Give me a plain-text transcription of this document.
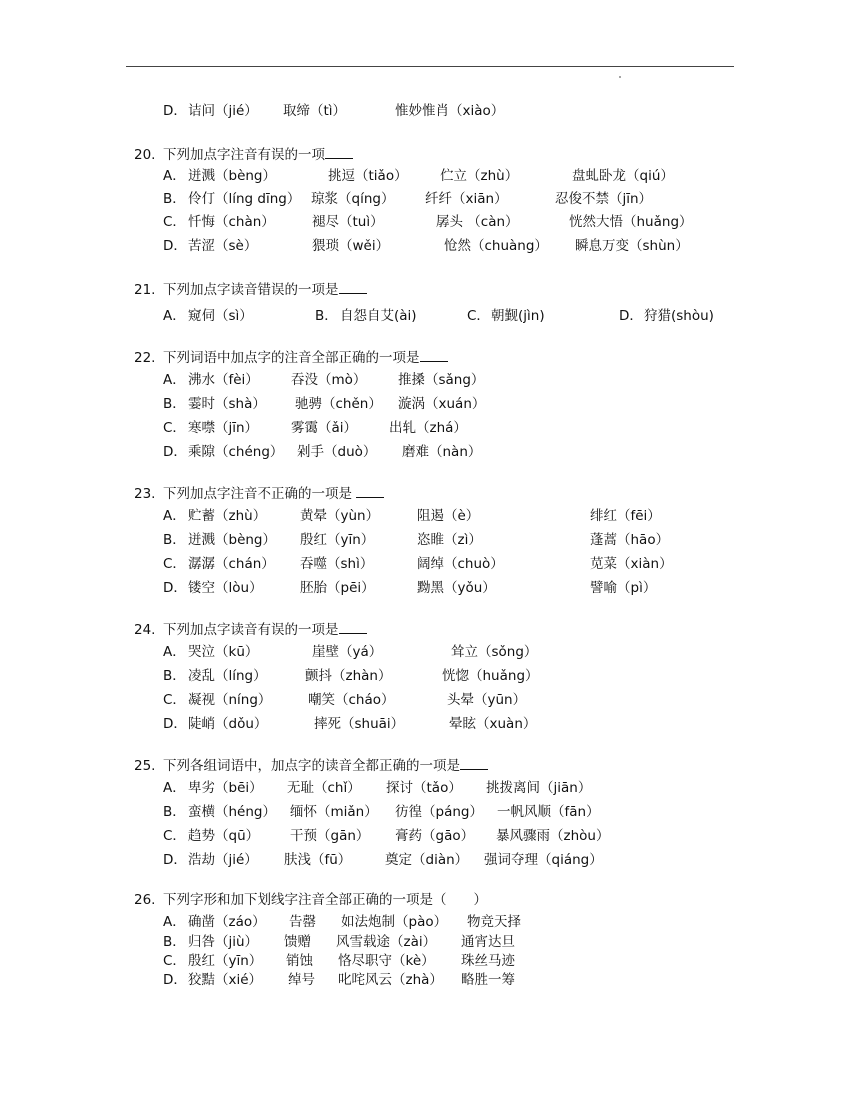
D． 诘问（jié） 取缔（tì）	惟妙惟肖（xiào）
20. 下列加点字注音有误的一项
A． 迸溅（bèng）	挑逗（tiǎo） 伫立（zhù）	盘虬卧龙（qiú）
B． 伶仃（líng dīng） 琼浆（qíng） 纤纤（xiān）	忍俊不禁（jīn）
C． 忏悔（chàn）	褪尽（tuì）	孱头 （càn）	恍然大悟（huǎng）
D． 苦涩（sè）	猥琐（wěi）	怆然（chuàng） 瞬息万变（shùn）
21. 下列加点字读音错误的一项是
A． 窥伺（sì）	B． 自怨自艾(ài)	C． 朝觐(jìn)	D． 狩猎(shòu)
22. 下列词语中加点字的注音全部正确的一项是
A． 沸水（fèi） 吞没（mò） 推搡（sǎng）
B． 霎时（shà） 驰骋（chěn） 漩涡（xuán）
C． 寒噤（jīn） 雾霭（ǎi） 出轧（zhá）
D． 乘隙（chéng） 剁手（duò） 磨难（nàn）
23. 下列加点字注音不正确的一项是
A． 贮蓄（zhù）	黄晕（yùn）	阻遏（è）	绯红（fēi）
B． 迸溅（bèng） 殷红（yīn）	恣睢（zì）	蓬蒿（hāo）
C． 潺潺（chán） 吞噬（shì）	阔绰（chuò）	苋菜（xiàn）
D． 镂空（lòu）	胚胎（pēi）	黝黑（yǒu）	譬喻（pì）
24. 下列加点字读音有误的一项是
A． 哭泣（kū）	崖壁（yá）	耸立（sǒng）
B． 凌乱（líng）	颤抖（zhàn）	恍惚（huǎng）
C． 凝视（níng）	嘲笑（cháo）	头晕（yūn）
D． 陡峭（dǒu）	摔死（shuāi）	晕眩（xuàn）
25. 下列各组词语中，加点字的读音全都正确的一项是
A． 卑劣（bēi） 无耻（chǐ） 探讨（tǎo） 挑拨离间（jiān）
B． 蛮横（héng） 缅怀（miǎn） 彷徨（páng） 一帆风顺（fān）
C． 趋势（qū） 干预（gān） 膏药（gāo） 暴风骤雨（zhòu）
D． 浩劫（jié） 肤浅（fū） 奠定（diàn） 强词夺理（qiáng）
26. 下列字形和加下划线字注音全部正确的一项是（　　）
A． 确凿（záo） 告罄 如法炮制（pào） 物竞天择
B． 归咎（jiù） 馈赠 风雪载途（zài） 通宵达旦
C． 殷红（yīn） 销蚀 恪尽职守（kè） 珠丝马迹
D． 狡黠（xié） 绰号 叱咤风云（zhà） 略胜一筹
